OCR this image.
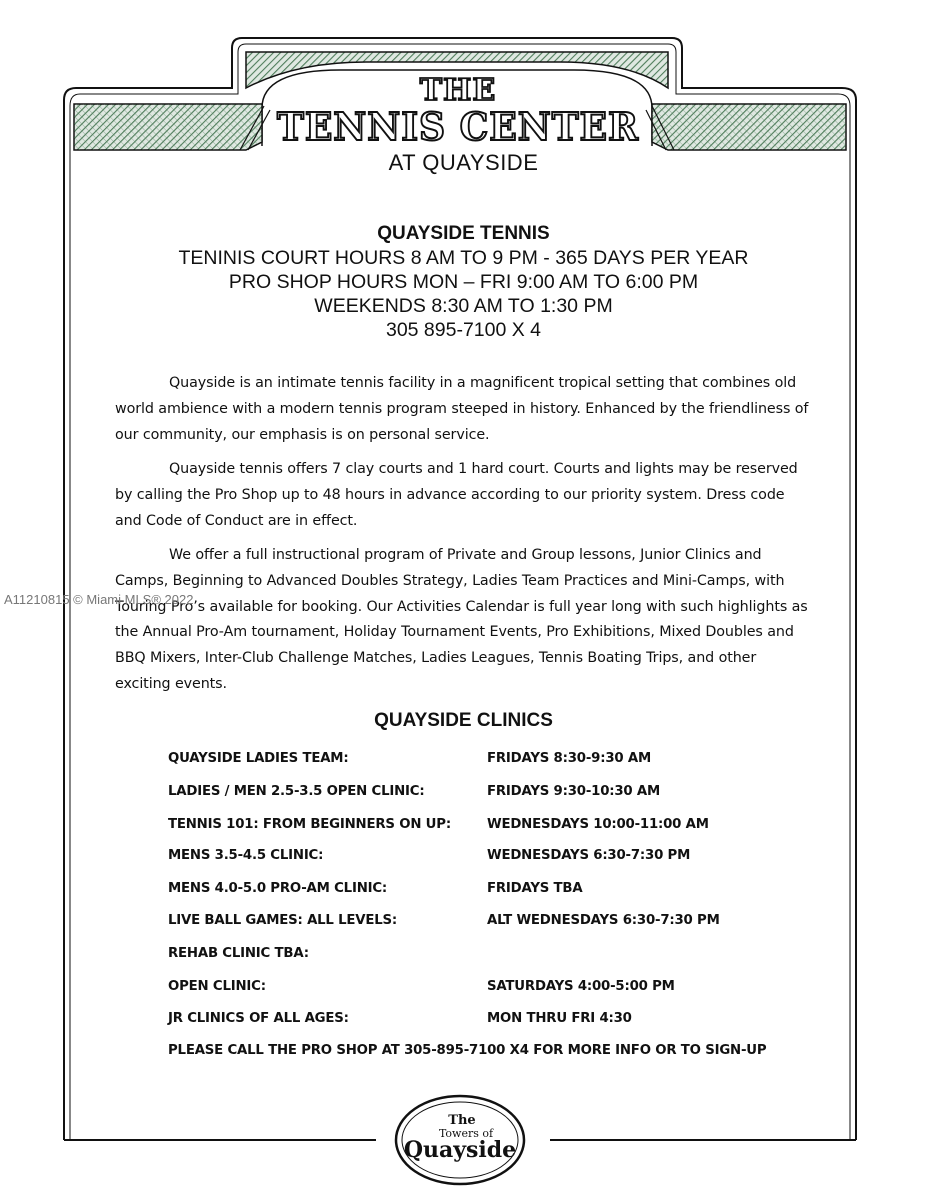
THE
TENNIS CENTER
The
Towers of
Quayside
AT QUAYSIDE
QUAYSIDE TENNIS
TENINIS COURT HOURS 8 AM TO 9 PM - 365 DAYS PER YEAR
PRO SHOP HOURS MON – FRI 9:00 AM TO 6:00 PM
WEEKENDS 8:30 AM TO 1:30 PM
305 895-7100 X 4
Quayside is an intimate tennis facility in a magnificent tropical setting that combines old world ambience with a modern tennis program steeped in history. Enhanced by the friendliness of our community, our emphasis is on personal service.
Quayside tennis offers 7 clay courts and 1 hard court. Courts and lights may be reserved by calling the Pro Shop up to 48 hours in advance according to our priority system. Dress code and Code of Conduct are in effect.
We offer a full instructional program of Private and Group lessons, Junior Clinics and Camps, Beginning to Advanced Doubles Strategy, Ladies Team Practices and Mini-Camps, with Touring Pro’s available for booking. Our Activities Calendar is full year long with such highlights as the Annual Pro-Am tournament, Holiday Tournament Events, Pro Exhibitions, Mixed Doubles and BBQ Mixers, Inter-Club Challenge Matches, Ladies Leagues, Tennis Boating Trips, and other exciting events.
QUAYSIDE CLINICS
QUAYSIDE LADIES TEAM:	FRIDAYS 8:30-9:30 AM
LADIES / MEN 2.5-3.5 OPEN CLINIC:	FRIDAYS 9:30-10:30 AM
TENNIS 101: FROM BEGINNERS ON UP:	WEDNESDAYS 10:00-11:00 AM
MENS 3.5-4.5 CLINIC:	WEDNESDAYS 6:30-7:30 PM
MENS 4.0-5.0 PRO-AM CLINIC:	FRIDAYS TBA
LIVE BALL GAMES: ALL LEVELS:	ALT WEDNESDAYS 6:30-7:30 PM
REHAB CLINIC TBA:
OPEN CLINIC:	SATURDAYS 4:00-5:00 PM
JR CLINICS OF ALL AGES:	MON THRU FRI 4:30
PLEASE CALL THE PRO SHOP AT 305-895-7100 X4 FOR MORE INFO OR TO SIGN-UP
A11210815 © Miami MLS® 2022
